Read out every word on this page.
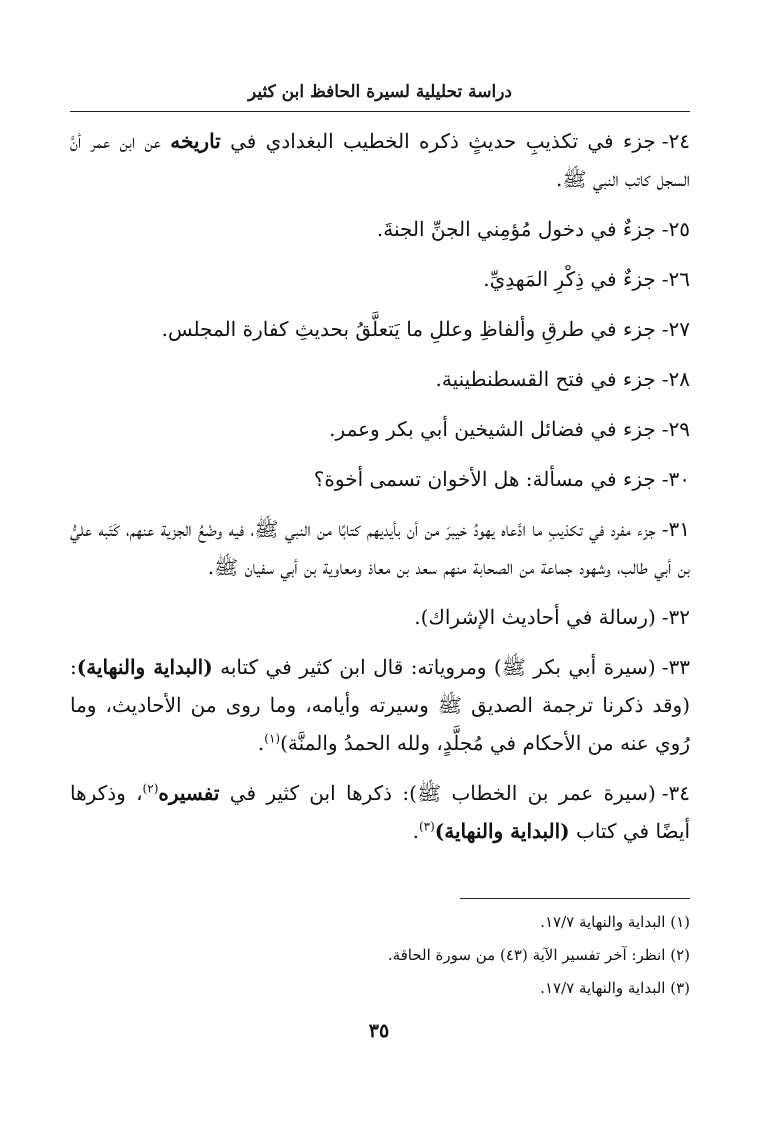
دراسة تحليلية لسيرة الحافظ ابن كثير

٢٤-جزء في تكذيبِ حديثٍ ذكره الخطيب البغدادي في تاريخه عن ابن عمر أنَّ السجل كاتب النبي ﷺ.

٢٥-جزءٌ في دخول مُؤمِني الجنِّ الجنةَ.

٢٦-جزءٌ في ذِكْرِ المَهدِيِّ.

٢٧-جزء في طرقِ وألفاظِ وعللِ ما يَتعلَّقُ بحديثِ كفارة المجلس.

٢٨-جزء في فتح القسطنطينية.

٢٩-جزء في فضائل الشيخين أبي بكر وعمر.

٣٠-جزء في مسألة: هل الأخوان تسمى أخوة؟

٣١-جزء مفرد في تكذيبِ ما ادَّعاه يهودُ خيبرَ من أن بأيديهم كتابًا من النبي ﷺ، فيه وضْعُ الجزية عنهم، كَتَبه عليُّ بن أبي طالب، وشهود جماعة من الصحابة منهم سعد بن معاذ ومعاوية بن أبي سفيان ﷺ.

٣٢-(رسالة في أحاديث الإشراك).

٣٣-(سيرة أبي بكر ﷺ) ومروياته: قال ابن كثير في كتابه (البداية والنهاية): (وقد ذكرنا ترجمة الصديق ﷺ وسيرته وأيامه، وما روى من الأحاديث، وما رُوي عنه من الأحكام في مُجلَّدٍ، ولله الحمدُ والمنَّة)$^{(١)}$.

٣٤-(سيرة عمر بن الخطاب ﷺ): ذكرها ابن كثير في تفسيره$^{(٢)}$، وذكرها أيضًا في كتاب (البداية والنهاية)$^{(٣)}$.

(١) البداية والنهاية ١٧/٧.

(٢) انظر: آخر تفسير الآية (٤٣) من سورة الحاقة.

(٣) البداية والنهاية ١٧/٧.

٣٥
